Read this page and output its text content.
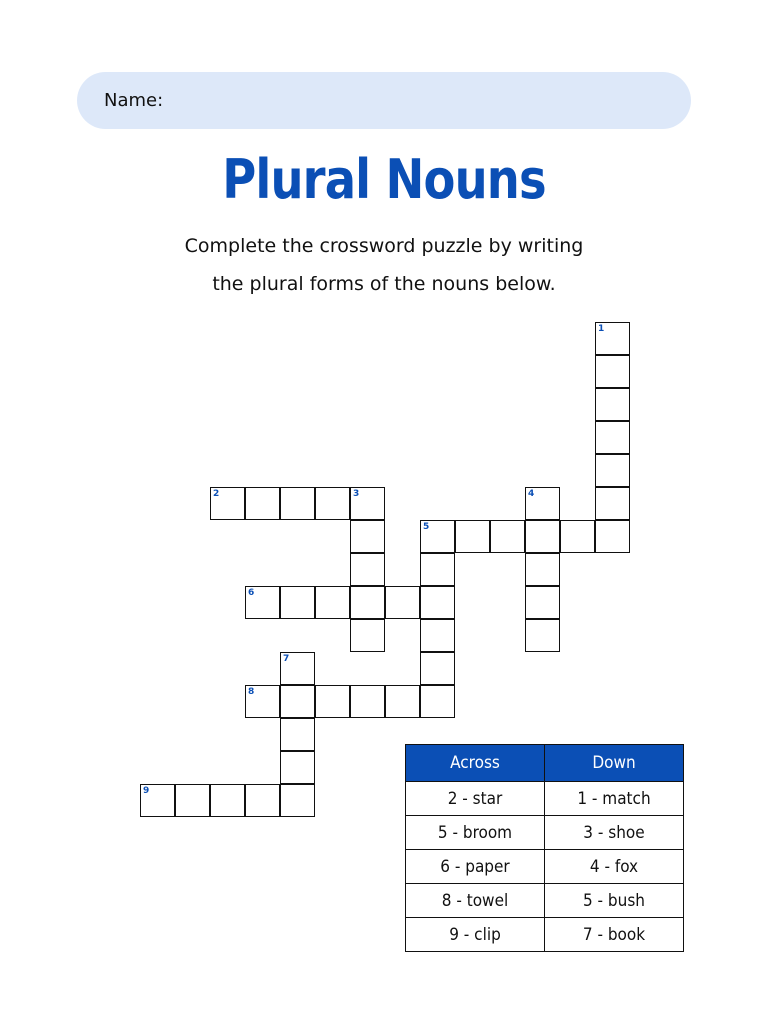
Name:
Plural Nouns
Complete the crossword puzzle by writing
the plural forms of the nouns below.
1
2	3	4
5
6
7
8
9
Across	Down
2 - star	1 - match
5 - broom	3 - shoe
6 - paper	4 - fox
8 - towel	5 - bush
9 - clip	7 - book
